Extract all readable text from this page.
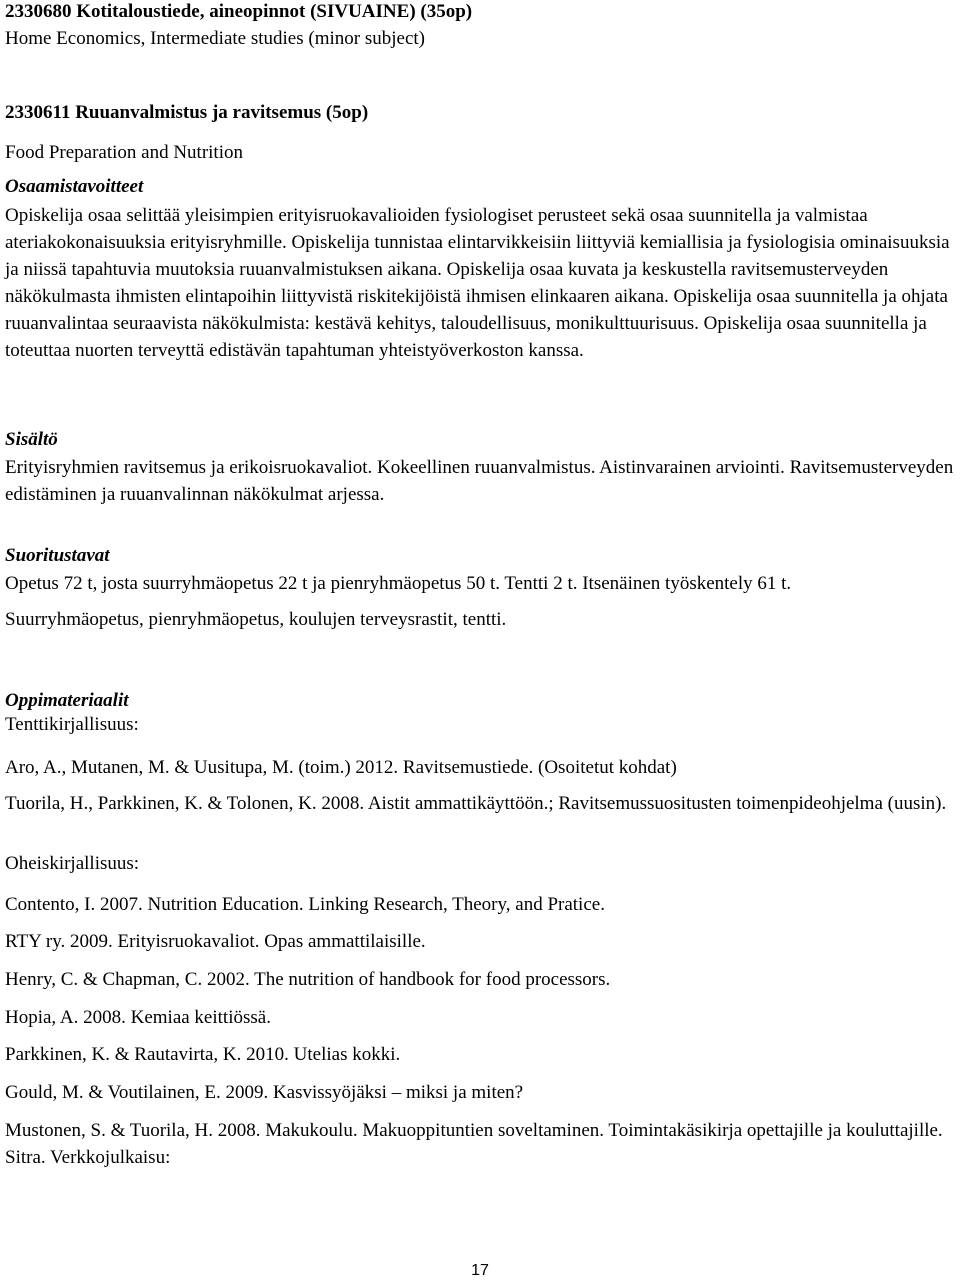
2330680 Kotitaloustiede, aineopinnot (SIVUAINE) (35op)
Home Economics, Intermediate studies (minor subject)
2330611 Ruuanvalmistus ja ravitsemus (5op)
Food Preparation and Nutrition
Osaamistavoitteet

Opiskelija osaa selittää yleisimpien erityisruokavalioiden fysiologiset perusteet sekä osaa suunnitella ja valmistaa ateriakokonaisuuksia erityisryhmille. Opiskelija tunnistaa elintarvikkeisiin liittyviä kemiallisia ja fysiologisia ominaisuuksia ja niissä tapahtuvia muutoksia ruuanvalmistuksen aikana. Opiskelija osaa kuvata ja keskustella ravitsemusterveyden näkökulmasta ihmisten elintapoihin liittyvistä riskitekijöistä ihmisen elinkaaren aikana. Opiskelija osaa suunnitella ja ohjata ruuanvalintaa seuraavista näkökulmista: kestävä kehitys, taloudellisuus, monikulttuurisuus. Opiskelija osaa suunnitella ja toteuttaa nuorten terveyttä edistävän tapahtuman yhteistyöverkoston kanssa.

Sisältö

Erityisryhmien ravitsemus ja erikoisruokavaliot. Kokeellinen ruuanvalmistus. Aistinvarainen arviointi. Ravitsemusterveyden edistäminen ja ruuanvalinnan näkökulmat arjessa.

Suoritustavat
Opetus 72 t, josta suurryhmäopetus 22 t ja pienryhmäopetus 50 t. Tentti 2 t. Itsenäinen työskentely 61 t.
Suurryhmäopetus, pienryhmäopetus, koulujen terveysrastit, tentti.
Oppimateriaalit
Tenttikirjallisuus:
Aro, A., Mutanen, M. & Uusitupa, M. (toim.) 2012. Ravitsemustiede. (Osoitetut kohdat)

Tuorila, H., Parkkinen, K. & Tolonen, K. 2008. Aistit ammattikäyttöön.; Ravitsemussuositusten toimenpideohjelma (uusin).

Oheiskirjallisuus:
Contento, I. 2007. Nutrition Education. Linking Research, Theory, and Pratice.
RTY ry. 2009. Erityisruokavaliot. Opas ammattilaisille.
Henry, C. & Chapman, C. 2002. The nutrition of handbook for food processors.
Hopia, A. 2008. Kemiaa keittiössä.
Parkkinen, K. & Rautavirta, K. 2010. Utelias kokki.
Gould, M. & Voutilainen, E. 2009. Kasvissyöjäksi – miksi ja miten?

Mustonen, S. & Tuorila, H. 2008. Makukoulu. Makuoppituntien soveltaminen. Toimintakäsikirja opettajille ja kouluttajille. Sitra. Verkkojulkaisu:

17
